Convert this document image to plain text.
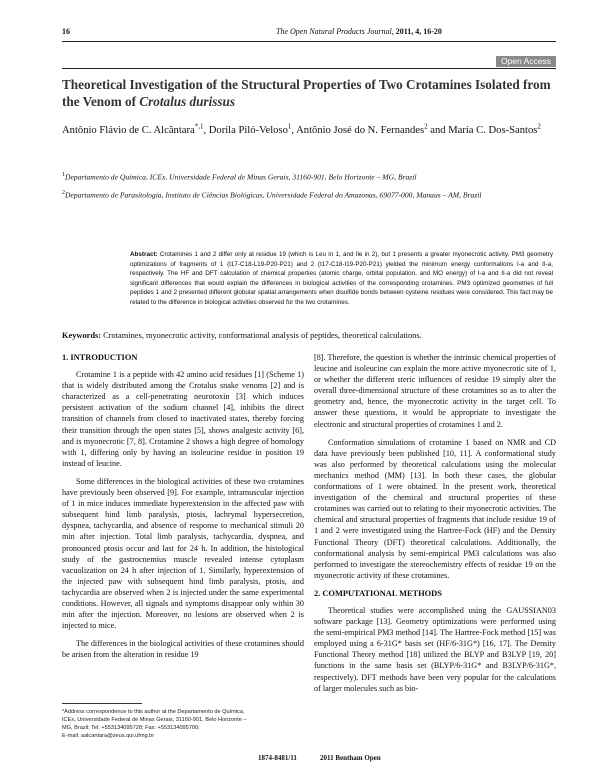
16	The Open Natural Products Journal, 2011, 4, 16-20
Open Access
Theoretical Investigation of the Structural Properties of Two Crotamines Isolated from the Venom of Crotalus durissus
Antônio Flávio de C. Alcântara$^{*,1}$, Dorila Piló-Veloso$^1$, Antônio José do N. Fernandes$^2$ and Maria C. Dos-Santos$^2$
$^1$Departamento de Química, ICEx, Universidade Federal de Minas Gerais, 31160-901, Belo Horizonte – MG, Brazil
$^2$Departamento de Parasitologia, Instituto de Ciências Biológicas, Universidade Federal do Amazonas, 69077-000, Manaus – AM, Brazil
Abstract: Crotamines 1 and 2 differ only at residue 19 (which is Leu in 1, and Ile in 2), but 1 presents a greater myonecrotic activity. PM3 geometry optimizations of fragments of 1 (I17-C18-L19-P20-P21) and 2 (I17-C18-I19-P20-P21) yielded the minimum energy conformations I-a and II-a, respectively. The HF and DFT calculation of chemical properties (atomic charge, orbital population, and MO energy) of I-a and II-a did not reveal significant differences that would explain the differences in biological activities of the corresponding crotamines. PM3 optimized geometries of full peptides 1 and 2 presented different globular spatial arrangements when disulfide bonds between cysteine residues were considered. This fact may be related to the difference in biological activities observed for the two crotamines.
Keywords: Crotamines, myonecrotic activity, conformational analysis of peptides, theoretical calculations.
1. INTRODUCTION

Crotamine 1 is a peptide with 42 amino acid residues [1] (Scheme 1) that is widely distributed among the Crotalus snake venoms [2] and is characterized as a cell-penetrating neurotoxin [3] which induces persistent activation of the sodium channel [4], inhibits the direct transition of channels from closed to inactivated states, thereby forcing their transition through the open states [5], shows analgesic activity [6], and is myonecrotic [7, 8]. Crotamine 2 shows a high degree of homology with 1, differing only by having an isoleucine residue in position 19 instead of leucine.

Some differences in the biological activities of these two crotamines have previously been observed [9]. For example, intramuscular injection of 1 in mice induces immediate hyperextension in the affected paw with subsequent hind limb paralysis, ptosis, lachrymal hypersecretion, dyspnea, tachycardia, and absence of response to mechanical stimuli 20 min after injection. Total limb paralysis, tachycardia, dyspnea, and pronounced ptosis occur and last for 24 h. In addition, the histological study of the gastrocnemius muscle revealed intense cytoplasm vacuolization on 24 h after injection of 1. Similarly, hyperextension of the injected paw with subsequent hind limb paralysis, ptosis, and tachycardia are observed when 2 is injected under the same experimental conditions. However, all signals and symptoms disappear only within 30 min after the injection. Moreover, no lesions are observed when 2 is injected to mice.

The differences in the biological activities of these crotamines should be arisen from the alteration in residue 19

[8]. Therefore, the question is whether the intrinsic chemical properties of leucine and isoleucine can explain the more active myonecrotic site of 1, or whether the different steric influences of residue 19 simply alter the overall three-dimensional structure of these crotamines so as to alter the geometry and, hence, the myonecrotic activity in the target cell. To answer these questions, it would be appropriate to investigate the electronic and structural properties of crotamines 1 and 2.

Conformation simulations of crotamine 1 based on NMR and CD data have previously been published [10, 11]. A conformational study was also performed by theoretical calculations using the molecular mechanics method (MM) [13]. In both these cases, the globular conformations of 1 were obtained. In the present work, theoretical investigation of the chemical and structural properties of these crotamines was carried out to relating to their myonecrotic activities. The chemical and structural properties of fragments that include residue 19 of 1 and 2 were investigated using the Hartree-Fock (HF) and the Density Functional Theory (DFT) theoretical calculations. Additionally, the conformational analysis by semi-empirical PM3 calculations was also performed to investigate the stereochemistry effects of residue 19 on the myonecrotic activity of these crotamines.

2. COMPUTATIONAL METHODS

Theoretical studies were accomplished using the GAUSSIAN03 software package [13]. Geometry optimizations were performed using the semi-empirical PM3 method [14]. The Hartree-Fock method [15] was employed using a 6-31G* basis set (HF/6-31G*) [16, 17]. The Density Functional Theory method [18] utilized the BLYP and B3LYP [19, 20] functions in the same basis set (BLYP/6-31G* and B3LYP/6-31G*, respectively). DFT methods have been very popular for the calculations of larger molecules such as bio-

*Address correspondence to this author at the Departamento de Química,
ICEx, Universidade Federal de Minas Gerais, 31160-901, Belo Horizonte –
MG, Brazil; Tel: +553134095728; Fax: +553134095700;
E-mail: aalcantara@zeus.qui.ufmg.br
1874-8481/11	2011 Bentham Open
